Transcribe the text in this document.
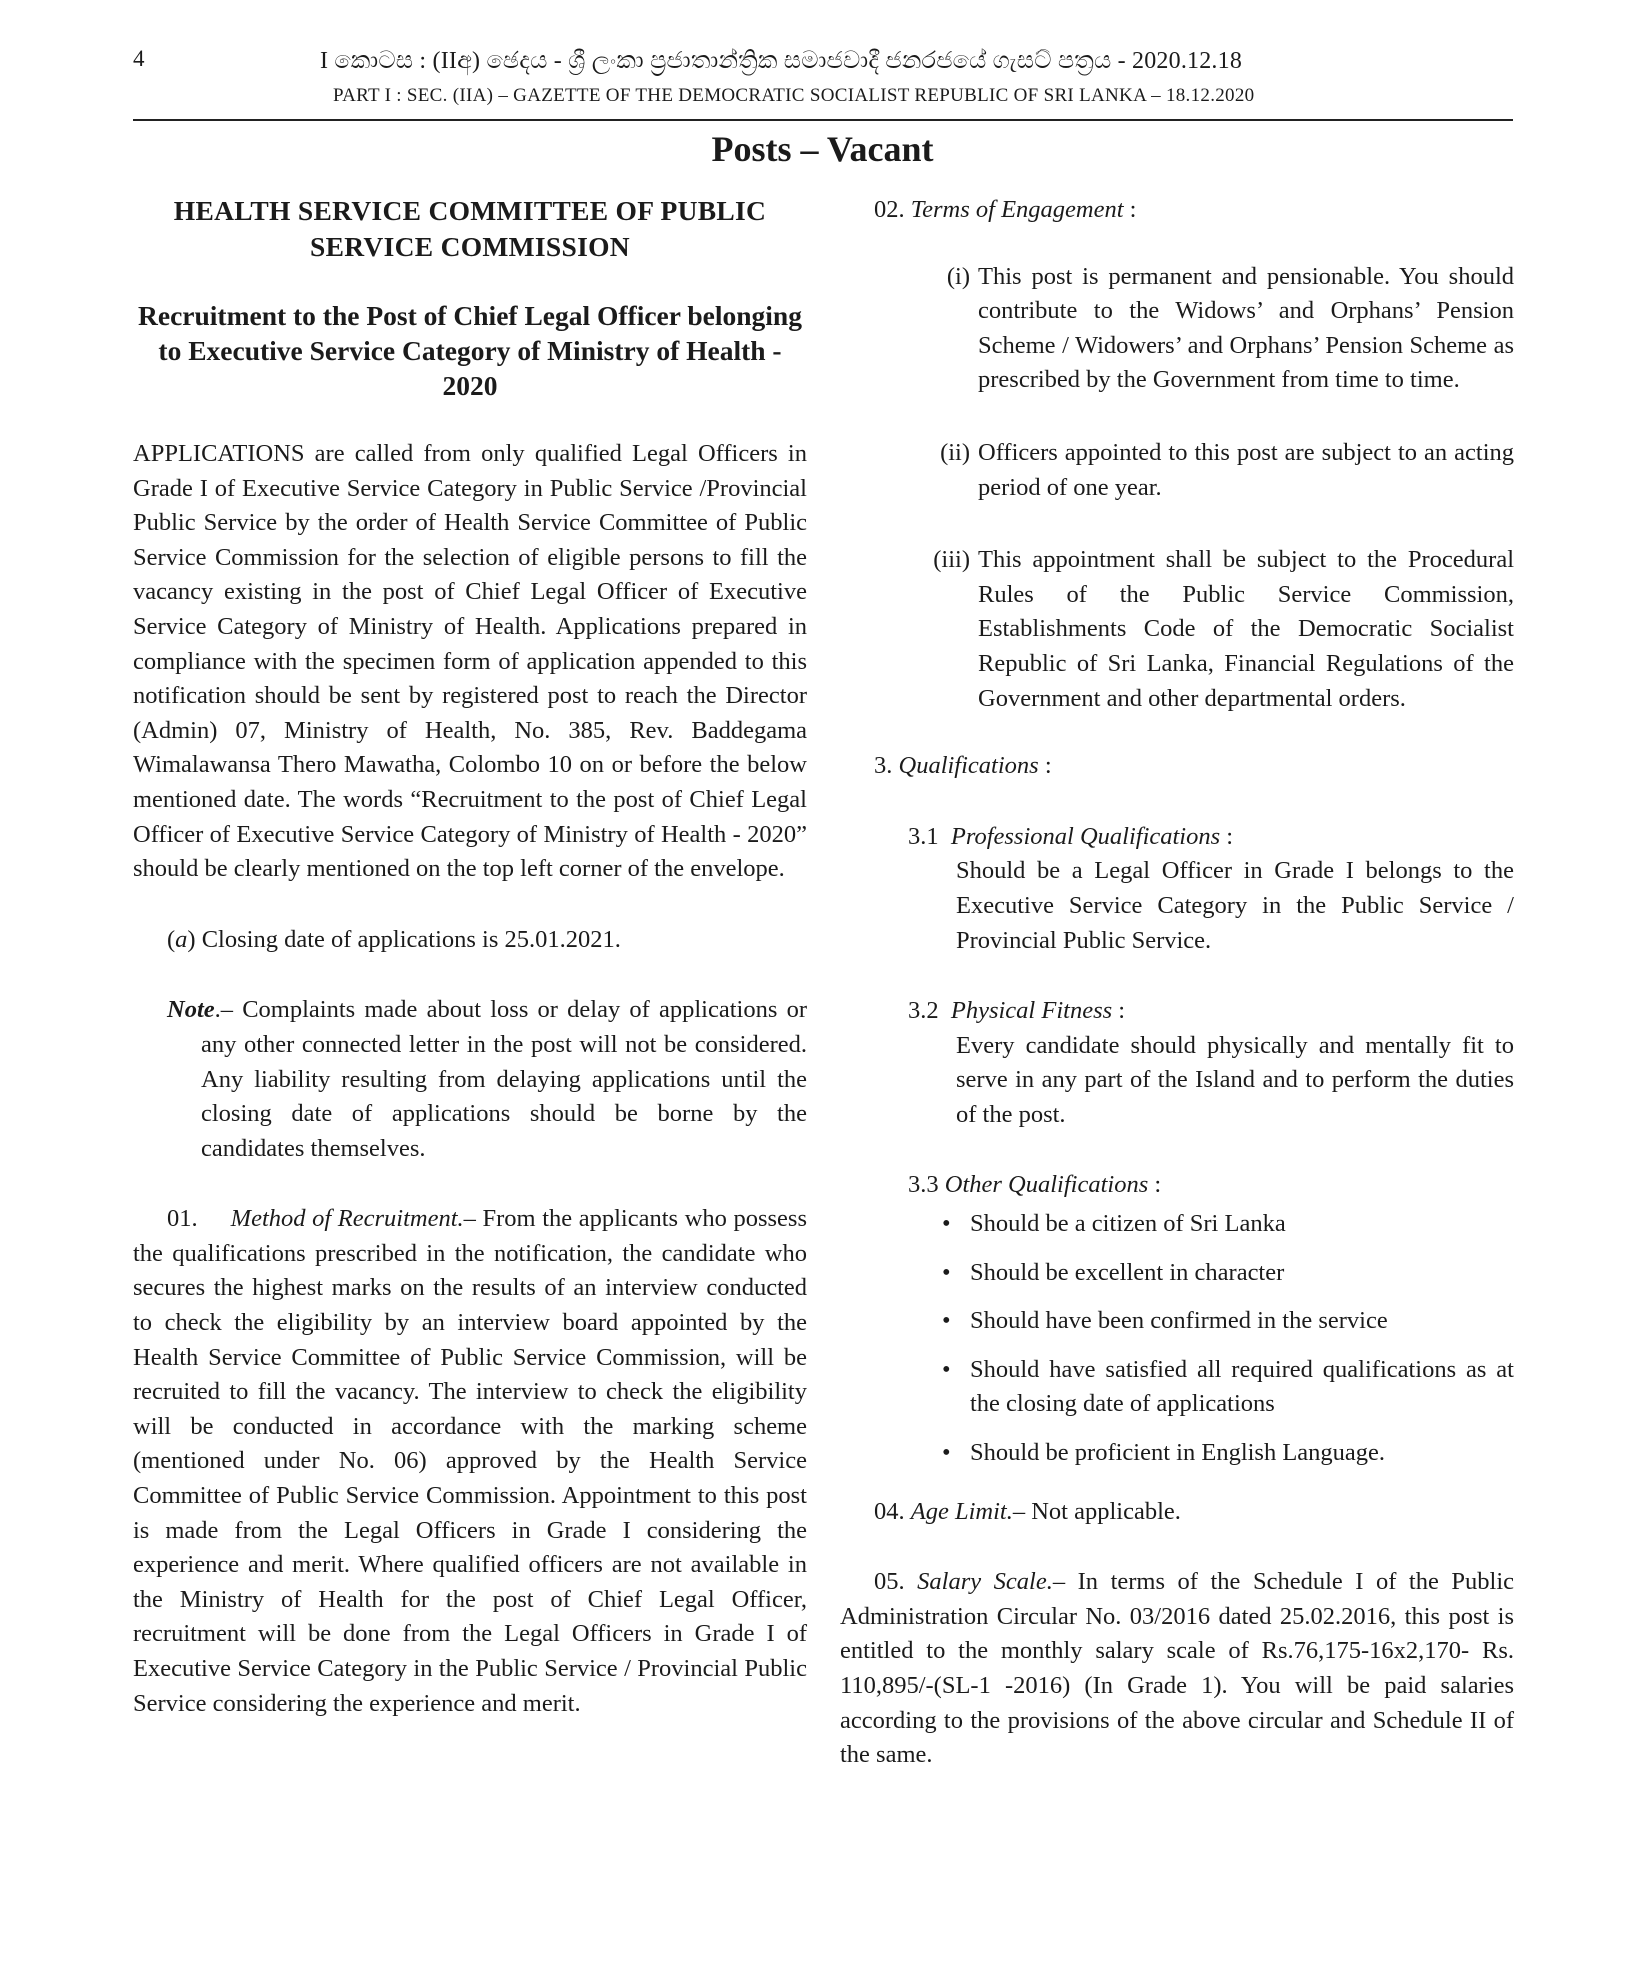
4	I කොටස : (IIඅ) ඡෙදය - ශ්‍රී ලංකා ප්‍රජාතාන්ත්‍රික සමාජවාදී ජනරජයේ ගැසට් පත්‍රය - 2020.12.18
PART I : SEC. (IIA) – GAZETTE OF THE DEMOCRATIC SOCIALIST REPUBLIC OF SRI LANKA – 18.12.2020
Posts – Vacant

HEALTH SERVICE COMMITTEE OF PUBLIC SERVICE COMMISSION

Recruitment to the Post of Chief Legal Officer belonging to Executive Service Category of Ministry of Health - 2020

APPLICATIONS are called from only qualified Legal Officers in Grade I of Executive Service Category in Public Service /Provincial Public Service by the order of Health Service Committee of Public Service Commission for the selection of eligible persons to fill the vacancy existing in the post of Chief Legal Officer of Executive Service Category of Ministry of Health. Applications prepared in compliance with the specimen form of application appended to this notification should be sent by registered post to reach the Director (Admin) 07, Ministry of Health, No. 385, Rev. Baddegama Wimalawansa Thero Mawatha, Colombo 10 on or before the below mentioned date. The words “Recruitment to the post of Chief Legal Officer of Executive Service Category of Ministry of Health - 2020” should be clearly mentioned on the top left corner of the envelope.

(a) Closing date of applications is 25.01.2021.

Note.– Complaints made about loss or delay of applications or any other connected letter in the post will not be considered. Any liability resulting from delaying applications until the closing date of applications should be borne by the candidates themselves.

01. Method of Recruitment.– From the applicants who possess the qualifications prescribed in the notification, the candidate who secures the highest marks on the results of an interview conducted to check the eligibility by an interview board appointed by the Health Service Committee of Public Service Commission, will be recruited to fill the vacancy. The interview to check the eligibility will be conducted in accordance with the marking scheme (mentioned under No. 06) approved by the Health Service Committee of Public Service Commission. Appointment to this post is made from the Legal Officers in Grade I considering the experience and merit. Where qualified officers are not available in the Ministry of Health for the post of Chief Legal Officer, recruitment will be done from the Legal Officers in Grade I of Executive Service Category in the Public Service / Provincial Public Service considering the experience and merit.

02. Terms of Engagement :

(i) This post is permanent and pensionable. You should contribute to the Widows’ and Orphans’ Pension Scheme / Widowers’ and Orphans’ Pension Scheme as prescribed by the Government from time to time.
(ii) Officers appointed to this post are subject to an acting period of one year.
(iii) This appointment shall be subject to the Procedural Rules of the Public Service Commission, Establishments Code of the Democratic Socialist Republic of Sri Lanka, Financial Regulations of the Government and other departmental orders.

3. Qualifications :

3.1 Professional Qualifications :
Should be a Legal Officer in Grade I belongs to the Executive Service Category in the Public Service / Provincial Public Service.
3.2 Physical Fitness :
Every candidate should physically and mentally fit to serve in any part of the Island and to perform the duties of the post.
3.3 Other Qualifications :
• Should be a citizen of Sri Lanka
• Should be excellent in character
• Should have been confirmed in the service
• Should have satisfied all required qualifications as at the closing date of applications
• Should be proficient in English Language.

04. Age Limit.– Not applicable.

05. Salary Scale.– In terms of the Schedule I of the Public Administration Circular No. 03/2016 dated 25.02.2016, this post is entitled to the monthly salary scale of Rs.76,175-16x2,170- Rs. 110,895/-(SL-1 -2016) (In Grade 1). You will be paid salaries according to the provisions of the above circular and Schedule II of the same.
